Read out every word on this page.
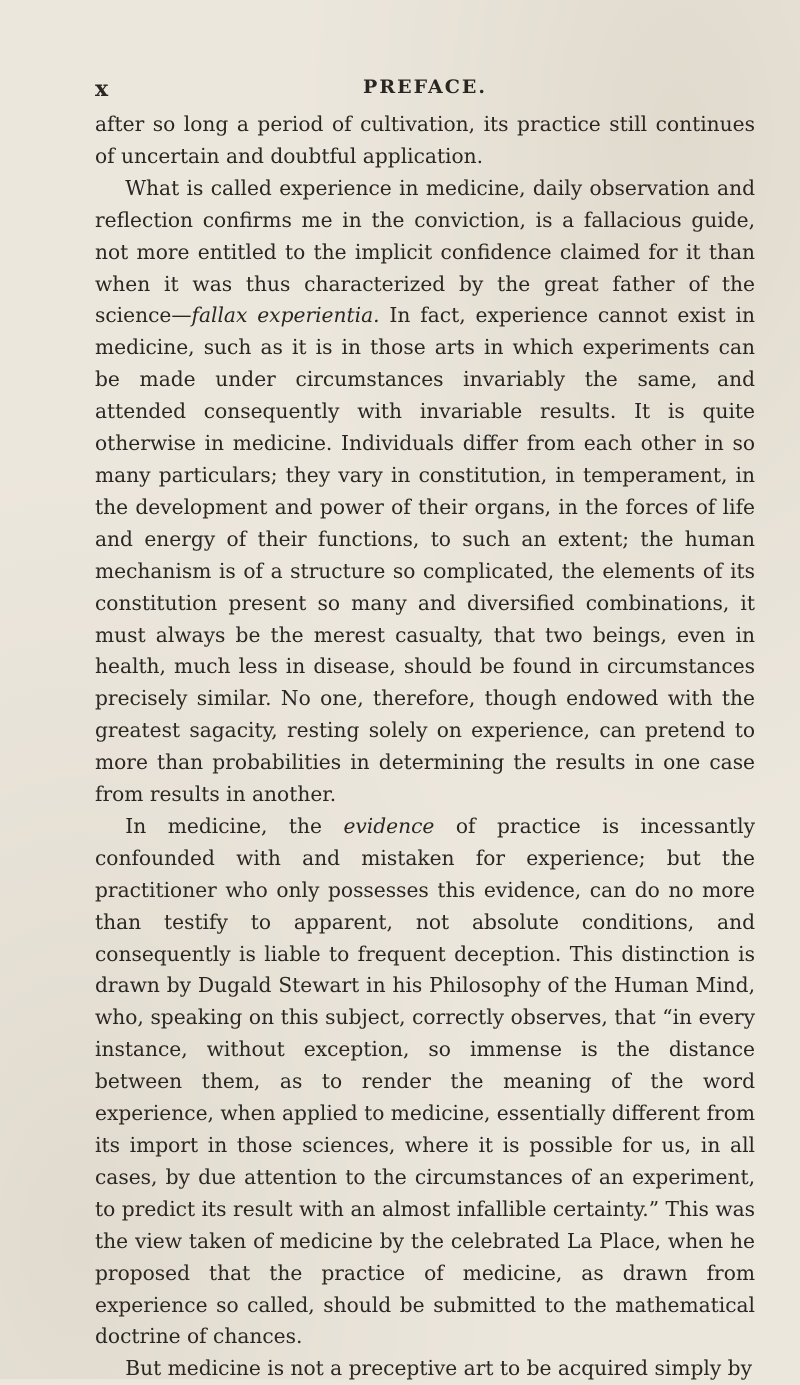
x	PREFACE.

after so long a period of cultivation, its practice still continues of uncertain and doubtful application.

What is called experience in medicine, daily observation and reflection confirms me in the conviction, is a fallacious guide, not more entitled to the implicit confidence claimed for it than when it was thus characterized by the great father of the science—fallax experientia. In fact, experience cannot exist in medicine, such as it is in those arts in which experiments can be made under circumstances invariably the same, and attended consequently with invariable results. It is quite otherwise in medicine. Individuals differ from each other in so many particulars; they vary in constitution, in temperament, in the development and power of their organs, in the forces of life and energy of their functions, to such an extent; the human mechanism is of a structure so complicated, the elements of its constitution present so many and diversified combinations, it must always be the merest casualty, that two beings, even in health, much less in disease, should be found in circumstances precisely similar. No one, therefore, though endowed with the greatest sagacity, resting solely on experience, can pretend to more than probabilities in determining the results in one case from results in another.

In medicine, the evidence of practice is incessantly confounded with and mistaken for experience; but the practitioner who only possesses this evidence, can do no more than testify to apparent, not absolute conditions, and consequently is liable to frequent deception. This distinction is drawn by Dugald Stewart in his Philosophy of the Human Mind, who, speaking on this subject, correctly observes, that “in every instance, without exception, so immense is the distance between them, as to render the meaning of the word experience, when applied to medicine, essentially different from its import in those sciences, where it is possible for us, in all cases, by due attention to the circumstances of an experiment, to predict its result with an almost infallible certainty.” This was the view taken of medicine by the celebrated La Place, when he proposed that the practice of medicine, as drawn from experience so called, should be submitted to the mathematical doctrine of chances.

But medicine is not a preceptive art to be acquired simply by
